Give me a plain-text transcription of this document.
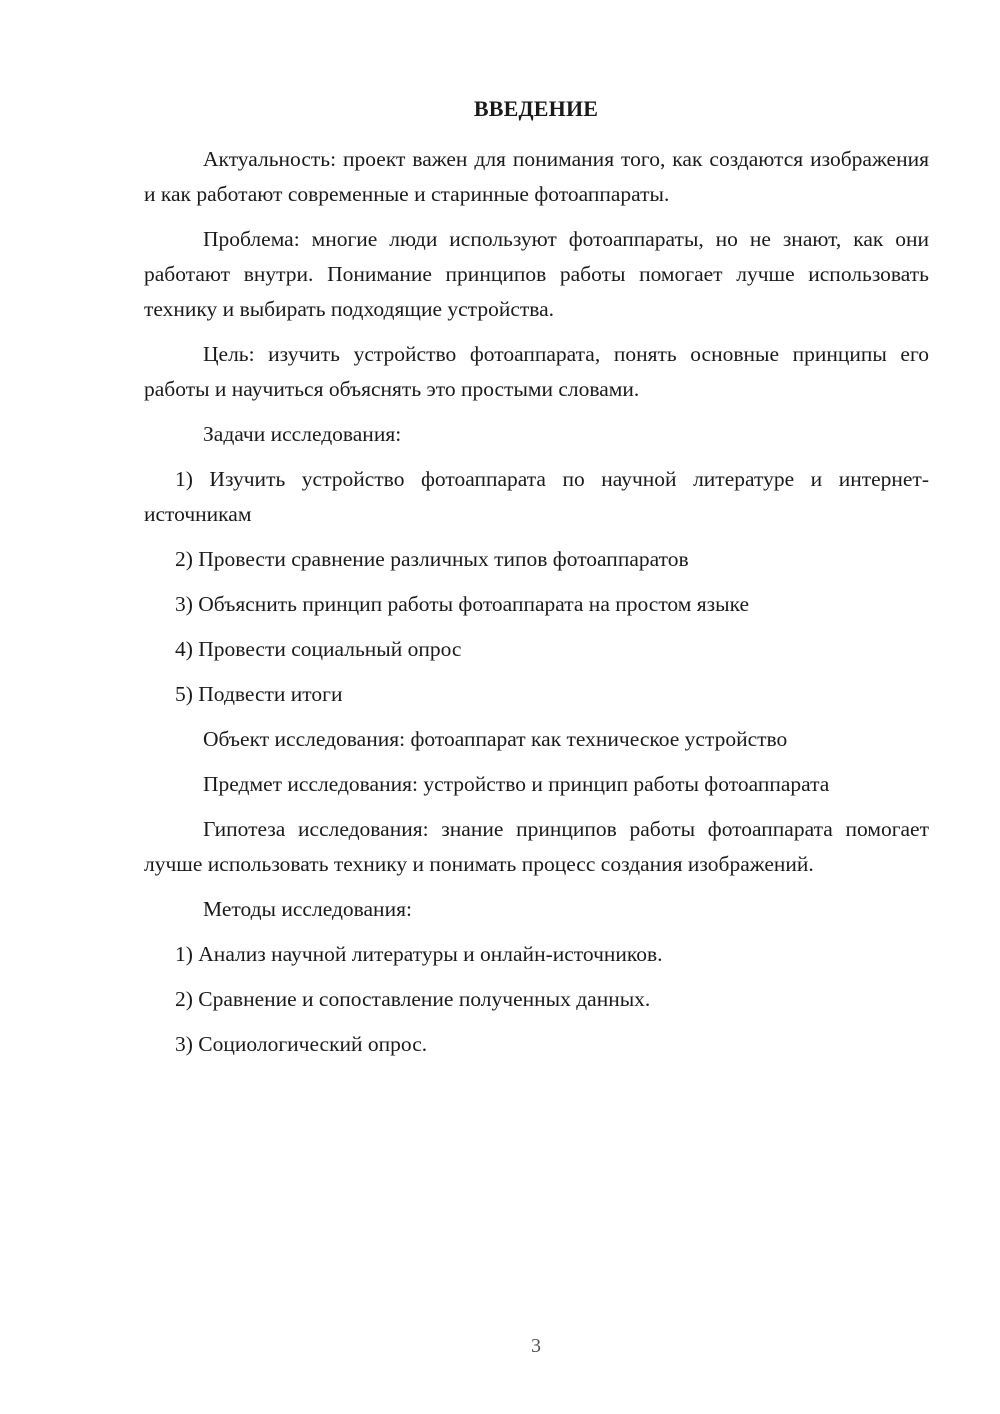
ВВЕДЕНИЕ

Актуальность: проект важен для понимания того, как создаются изображения и как работают современные и старинные фотоаппараты.

Проблема: многие люди используют фотоаппараты, но не знают, как они работают внутри. Понимание принципов работы помогает лучше использовать технику и выбирать подходящие устройства.

Цель: изучить устройство фотоаппарата, понять основные принципы его работы и научиться объяснять это простыми словами.

Задачи исследования:

1) Изучить устройство фотоаппарата по научной литературе и интернет-источникам

2) Провести сравнение различных типов фотоаппаратов

3) Объяснить принцип работы фотоаппарата на простом языке

4) Провести социальный опрос

5) Подвести итоги

Объект исследования: фотоаппарат как техническое устройство

Предмет исследования: устройство и принцип работы фотоаппарата

Гипотеза исследования: знание принципов работы фотоаппарата помогает лучше использовать технику и понимать процесс создания изображений.

Методы исследования:

1) Анализ научной литературы и онлайн-источников.

2) Сравнение и сопоставление полученных данных.

3) Социологический опрос.

3
